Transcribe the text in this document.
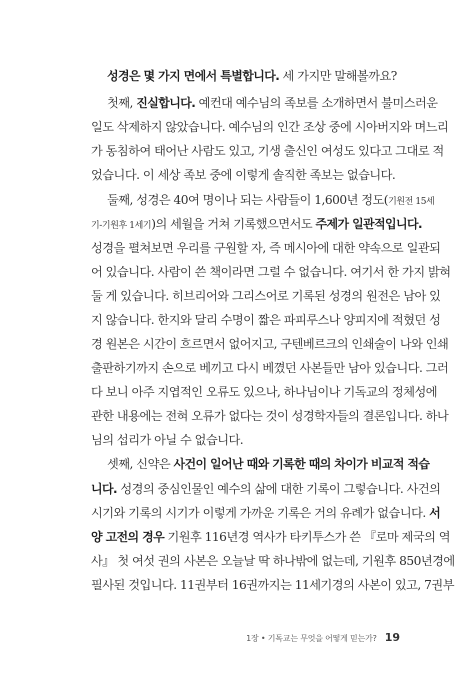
성경은 몇 가지 면에서 특별합니다. 세 가지만 말해볼까요?
첫째, 진실합니다. 예컨대 예수님의 족보를 소개하면서 불미스러운
일도 삭제하지 않았습니다. 예수님의 인간 조상 중에 시아버지와 며느리
가 동침하여 태어난 사람도 있고, 기생 출신인 여성도 있다고 그대로 적
었습니다. 이 세상 족보 중에 이렇게 솔직한 족보는 없습니다.
둘째, 성경은 40여 명이나 되는 사람들이 1,600년 정도(기원전 15세
기-기원후 1세기)의 세월을 거쳐 기록했으면서도 주제가 일관적입니다.
성경을 펼쳐보면 우리를 구원할 자, 즉 메시아에 대한 약속으로 일관되
어 있습니다. 사람이 쓴 책이라면 그럴 수 없습니다. 여기서 한 가지 밝혀
둘 게 있습니다. 히브리어와 그리스어로 기록된 성경의 원전은 남아 있
지 않습니다. 한지와 달리 수명이 짧은 파피루스나 양피지에 적혔던 성
경 원본은 시간이 흐르면서 없어지고, 구텐베르크의 인쇄술이 나와 인쇄
출판하기까지 손으로 베끼고 다시 베꼈던 사본들만 남아 있습니다. 그러
다 보니 아주 지엽적인 오류도 있으나, 하나님이나 기독교의 정체성에
관한 내용에는 전혀 오류가 없다는 것이 성경학자들의 결론입니다. 하나
님의 섭리가 아닐 수 없습니다.
셋째, 신약은 사건이 일어난 때와 기록한 때의 차이가 비교적 적습
니다. 성경의 중심인물인 예수의 삶에 대한 기록이 그렇습니다. 사건의
시기와 기록의 시기가 이렇게 가까운 기록은 거의 유례가 없습니다. 서
양 고전의 경우 기원후 116년경 역사가 타키투스가 쓴 『로마 제국의 역
사』 첫 여섯 권의 사본은 오늘날 딱 하나밖에 없는데, 기원후 850년경에
필사된 것입니다. 11권부터 16권까지는 11세기경의 사본이 있고, 7권부
1장 • 기독교는 무엇을 어떻게 믿는가? 19
